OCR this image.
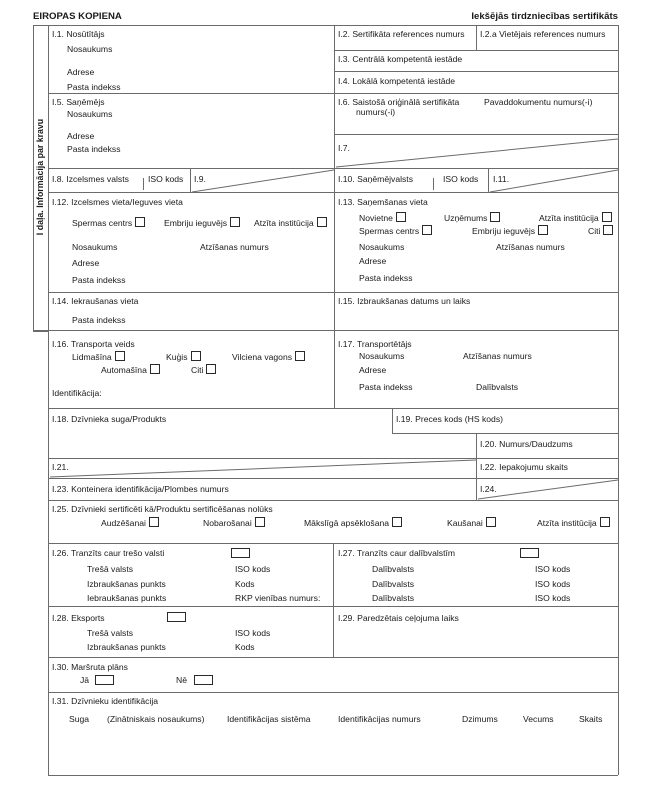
EIROPAS KOPIENA	Iekšējās tirdzniecības sertifikāts
I daļa. Informācija par kravu
I.1. Nosūtītājs
Nosaukums
Adrese
Pasta indekss
I.2. Sertifikāta references numurs I.2.a Vietējais references numurs
I.3. Centrālā kompetentā iestāde
I.4. Lokālā kompetentā iestāde
I.5. Saņēmējs
Nosaukums
Adrese
Pasta indekss
I.6. Saistošā oriģinālā sertifikāta
numurs(-i)
Pavaddokumentu numurs(-i)
I.7.
I.8. Izcelsmes valsts ISO kods I.9.	I.10. Saņēmējvalsts	ISO kods I.11.
I.12. Izcelsmes vieta/Ieguves vieta
Spermas centrs	Embriju ieguvējs	Atzīta institūcija
Nosaukums	Atzīšanas numurs
Adrese
Pasta indekss
I.13. Saņemšanas vieta
Novietne	Uzņēmums	Atzīta institūcija
Spermas centrs	Embriju ieguvējs	Citi
Nosaukums	Atzīšanas numurs
Adrese
Pasta indekss
I.14. Iekraušanas vieta
Pasta indekss
I.15. Izbraukšanas datums un laiks
I.16. Transporta veids
Lidmašīna	Kuģis	Vilciena vagons
Automašīna	Citi
Identifikācija:
I.17. Transportētājs
Nosaukums	Atzīšanas numurs
Adrese
Pasta indekss	Dalībvalsts
I.18. Dzīvnieka suga/Produkts	I.19. Preces kods (HS kods)
I.20. Numurs/Daudzums
I.21.	I.22. Iepakojumu skaits
I.23. Konteinera identifikācija/Plombes numurs	I.24.
I.25. Dzīvnieki sertificēti kā/Produktu sertificēšanas nolūks
Audzēšanai	Nobarošanai	Mākslīgā apsēklošana	Kaušanai	Atzīta institūcija
I.26. Tranzīts caur trešo valsti
Trešā valsts	ISO kods
Izbraukšanas punkts	Kods
Iebraukšanas punkts	RKP vienības numurs:
I.27. Tranzīts caur dalībvalstīm
Dalībvalsts	ISO kods
Dalībvalsts	ISO kods
Dalībvalsts	ISO kods
I.28. Eksports
Trešā valsts	ISO kods
Izbraukšanas punkts	Kods
I.29. Paredzētais ceļojuma laiks
I.30. Maršruta plāns
Jā	Nē
I.31. Dzīvnieku identifikācija
Suga (Zinātniskais nosaukums)	Identifikācijas sistēma	Identifikācijas numurs	Dzimums	Vecums	Skaits
